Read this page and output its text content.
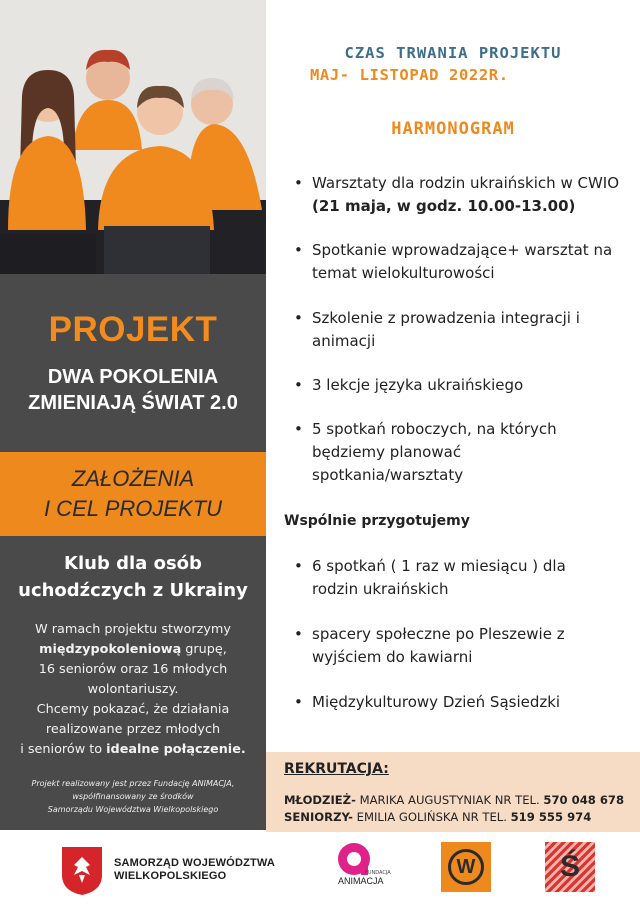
PROJEKT
DWA POKOLENIA
ZMIENIAJĄ ŚWIAT 2.0
ZAŁOŻENIA
I CEL PROJEKTU
Klub dla osób
uchodźczych z Ukrainy
W ramach projektu stworzymy
międzypokoleniową grupę,
16 seniorów oraz 16 młodych
wolontariuszy.
Chcemy pokazać, że działania
realizowane przez młodych
i seniorów to idealne połączenie.
Projekt realizowany jest przez Fundację ANIMACJA,
współfinansowany ze środków
Samorządu Województwa Wielkopolskiego
CZAS TRWANIA PROJEKTU
MAJ- LISTOPAD 2022R.
HARMONOGRAM
• Warsztaty dla rodzin ukraińskich w CWIO (21 maja, w godz. 10.00-13.00)
• Spotkanie wprowadzające+ warsztat na temat wielokulturowości
• Szkolenie z prowadzenia integracji i animacji
• 3 lekcje języka ukraińskiego
• 5 spotkań roboczych, na których będziemy planować spotkania/warsztaty
Wspólnie przygotujemy
• 6 spotkań ( 1 raz w miesiącu ) dla rodzin ukraińskich
• spacery społeczne po Pleszewie z wyjściem do kawiarni
• Międzykulturowy Dzień Sąsiedzki
REKRUTACJA:
MŁODZIEŻ- MARIKA AUGUSTYNIAK NR TEL. 570 048 678
SENIORZY- EMILIA GOLIŃSKA NR TEL. 519 555 974
SAMORZĄD WOJEWÓDZTWA
WIELKOPOLSKIEGO	FUNDACJA
ANIMACJA
W	Ś
